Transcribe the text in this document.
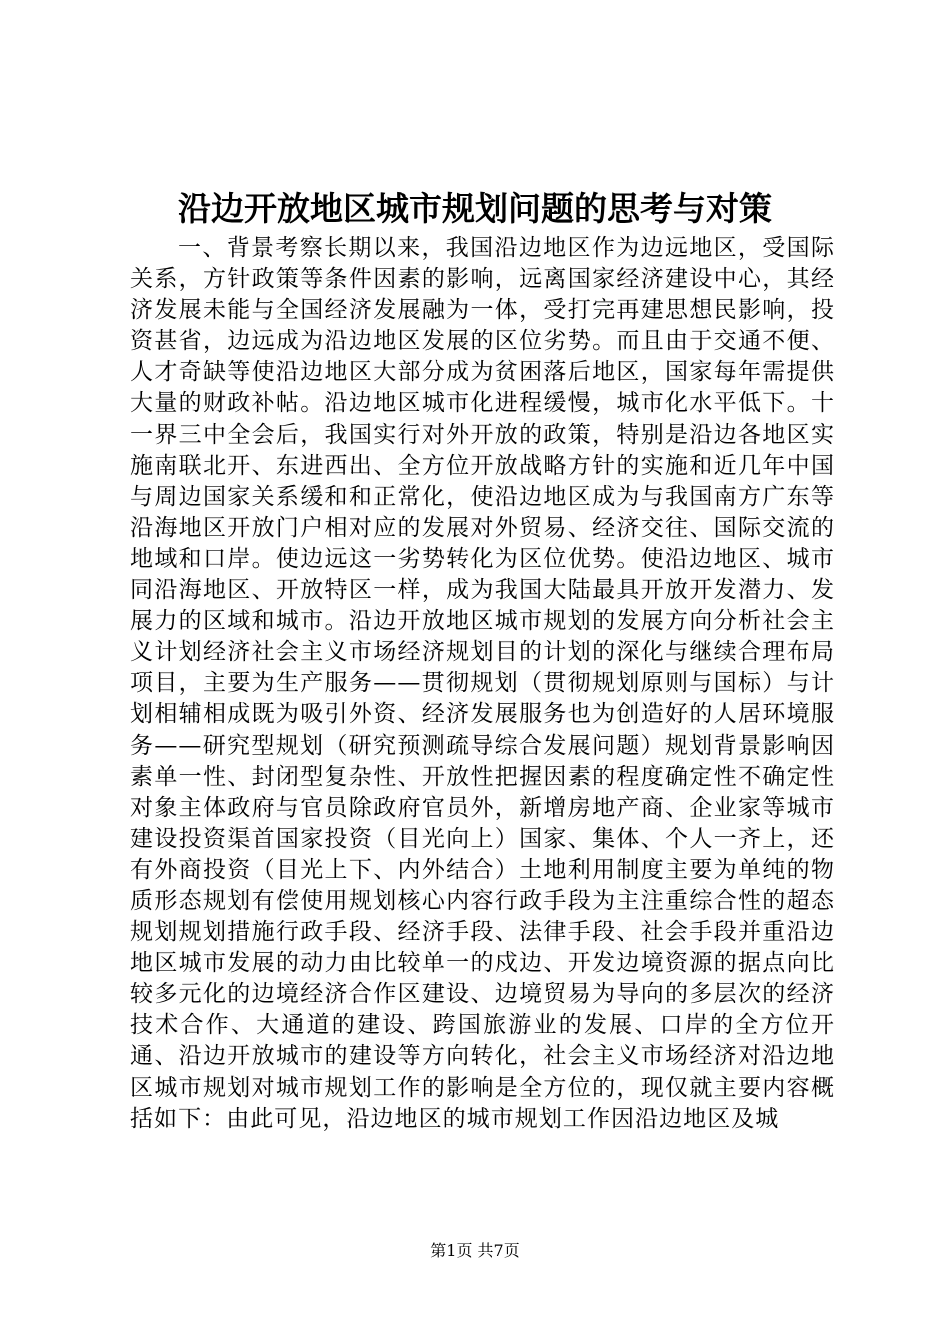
沿边开放地区城市规划问题的思考与对策

一、背景考察长期以来，我国沿边地区作为边远地区，受国际关系，方针政策等条件因素的影响，远离国家经济建设中心，其经济发展未能与全国经济发展融为一体，受打完再建思想民影响，投资甚省，边远成为沿边地区发展的区位劣势。而且由于交通不便、人才奇缺等使沿边地区大部分成为贫困落后地区，国家每年需提供大量的财政补帖。沿边地区城市化进程缓慢，城市化水平低下。十一界三中全会后，我国实行对外开放的政策，特别是沿边各地区实施南联北开、东进西出、全方位开放战略方针的实施和近几年中国与周边国家关系缓和和正常化，使沿边地区成为与我国南方广东等沿海地区开放门户相对应的发展对外贸易、经济交往、国际交流的地域和口岸。使边远这一劣势转化为区位优势。使沿边地区、城市同沿海地区、开放特区一样，成为我国大陆最具开放开发潜力、发展力的区域和城市。沿边开放地区城市规划的发展方向分析社会主义计划经济社会主义市场经济规划目的计划的深化与继续合理布局项目，主要为生产服务——贯彻规划（贯彻规划原则与国标）与计划相辅相成既为吸引外资、经济发展服务也为创造好的人居环境服务——研究型规划（研究预测疏导综合发展问题）规划背景影响因素单一性、封闭型复杂性、开放性把握因素的程度确定性不确定性对象主体政府与官员除政府官员外，新增房地产商、企业家等城市建设投资渠首国家投资（目光向上）国家、集体、个人一齐上，还有外商投资（目光上下、内外结合）土地利用制度主要为单纯的物质形态规划有偿使用规划核心内容行政手段为主注重综合性的超态规划规划措施行政手段、经济手段、法律手段、社会手段并重沿边地区城市发展的动力由比较单一的戍边、开发边境资源的据点向比较多元化的边境经济合作区建设、边境贸易为导向的多层次的经济技术合作、大通道的建设、跨国旅游业的发展、口岸的全方位开通、沿边开放城市的建设等方向转化，社会主义市场经济对沿边地区城市规划对城市规划工作的影响是全方位的，现仅就主要内容概括如下：由此可见，沿边地区的城市规划工作因沿边地区及城

第1页 共7页
